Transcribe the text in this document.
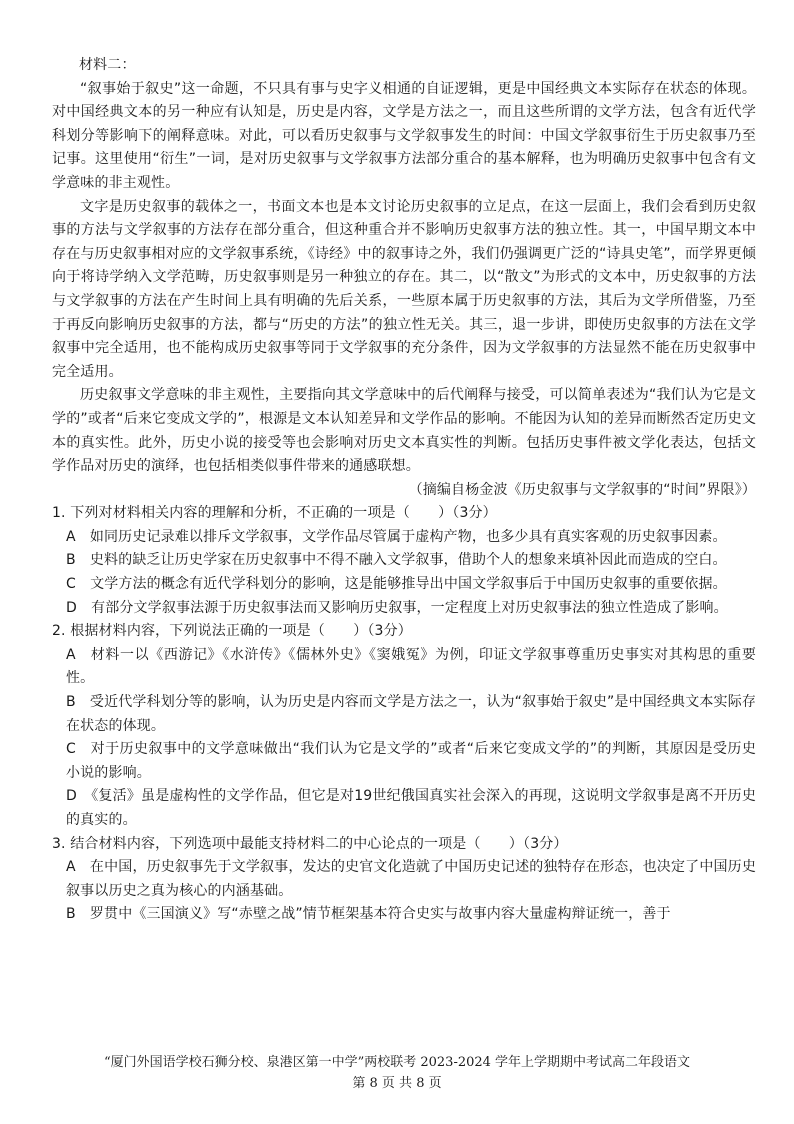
材料二：

“叙事始于叙史”这一命题，不只具有事与史字义相通的自证逻辑，更是中国经典文本实际存在状态的体现。对中国经典文本的另一种应有认知是，历史是内容，文学是方法之一，而且这些所谓的文学方法，包含有近代学科划分等影响下的阐释意味。对此，可以看历史叙事与文学叙事发生的时间：中国文学叙事衍生于历史叙事乃至记事。这里使用“衍生”一词，是对历史叙事与文学叙事方法部分重合的基本解释，也为明确历史叙事中包含有文学意味的非主观性。

文字是历史叙事的载体之一，书面文本也是本文讨论历史叙事的立足点，在这一层面上，我们会看到历史叙事的方法与文学叙事的方法存在部分重合，但这种重合并不影响历史叙事方法的独立性。其一，中国早期文本中存在与历史叙事相对应的文学叙事系统，《诗经》中的叙事诗之外，我们仍强调更广泛的“诗具史笔”，而学界更倾向于将诗学纳入文学范畴，历史叙事则是另一种独立的存在。其二，以“散文”为形式的文本中，历史叙事的方法与文学叙事的方法在产生时间上具有明确的先后关系，一些原本属于历史叙事的方法，其后为文学所借鉴，乃至于再反向影响历史叙事的方法，都与“历史的方法”的独立性无关。其三，退一步讲，即使历史叙事的方法在文学叙事中完全适用，也不能构成历史叙事等同于文学叙事的充分条件，因为文学叙事的方法显然不能在历史叙事中完全适用。

历史叙事文学意味的非主观性，主要指向其文学意味中的后代阐释与接受，可以简单表述为“我们认为它是文学的”或者“后来它变成文学的”，根源是文本认知差异和文学作品的影响。不能因为认知的差异而断然否定历史文本的真实性。此外，历史小说的接受等也会影响对历史文本真实性的判断。包括历史事件被文学化表达，包括文学作品对历史的演绎，也包括相类似事件带来的通感联想。

（摘编自杨金波《历史叙事与文学叙事的“时间”界限》）

1. 下列对材料相关内容的理解和分析，不正确的一项是（　　）（3分）

A　如同历史记录难以排斥文学叙事，文学作品尽管属于虚构产物，也多少具有真实客观的历史叙事因素。

B　史料的缺乏让历史学家在历史叙事中不得不融入文学叙事，借助个人的想象来填补因此而造成的空白。

C　文学方法的概念有近代学科划分的影响，这是能够推导出中国文学叙事后于中国历史叙事的重要依据。

D　有部分文学叙事法源于历史叙事法而又影响历史叙事，一定程度上对历史叙事法的独立性造成了影响。

2. 根据材料内容，下列说法正确的一项是（　　）（3分）

A　材料一以《西游记》《水浒传》《儒林外史》《窦娥冤》为例，印证文学叙事尊重历史事实对其构思的重要性。

B　受近代学科划分等的影响，认为历史是内容而文学是方法之一，认为“叙事始于叙史”是中国经典文本实际存在状态的体现。

C　对于历史叙事中的文学意味做出“我们认为它是文学的”或者“后来它变成文学的”的判断，其原因是受历史小说的影响。

D　《复活》虽是虚构性的文学作品，但它是对19世纪俄国真实社会深入的再现，这说明文学叙事是离不开历史的真实的。

3. 结合材料内容，下列选项中最能支持材料二的中心论点的一项是（　　）（3分）

A　在中国，历史叙事先于文学叙事，发达的史官文化造就了中国历史记述的独特存在形态，也决定了中国历史叙事以历史之真为核心的内涵基础。

B　罗贯中《三国演义》写“赤壁之战”情节框架基本符合史实与故事内容大量虚构辩证统一，善于

“厦门外国语学校石狮分校、泉港区第一中学”两校联考 2023-2024 学年上学期期中考试高二年段语文
第 8 页 共 8 页
